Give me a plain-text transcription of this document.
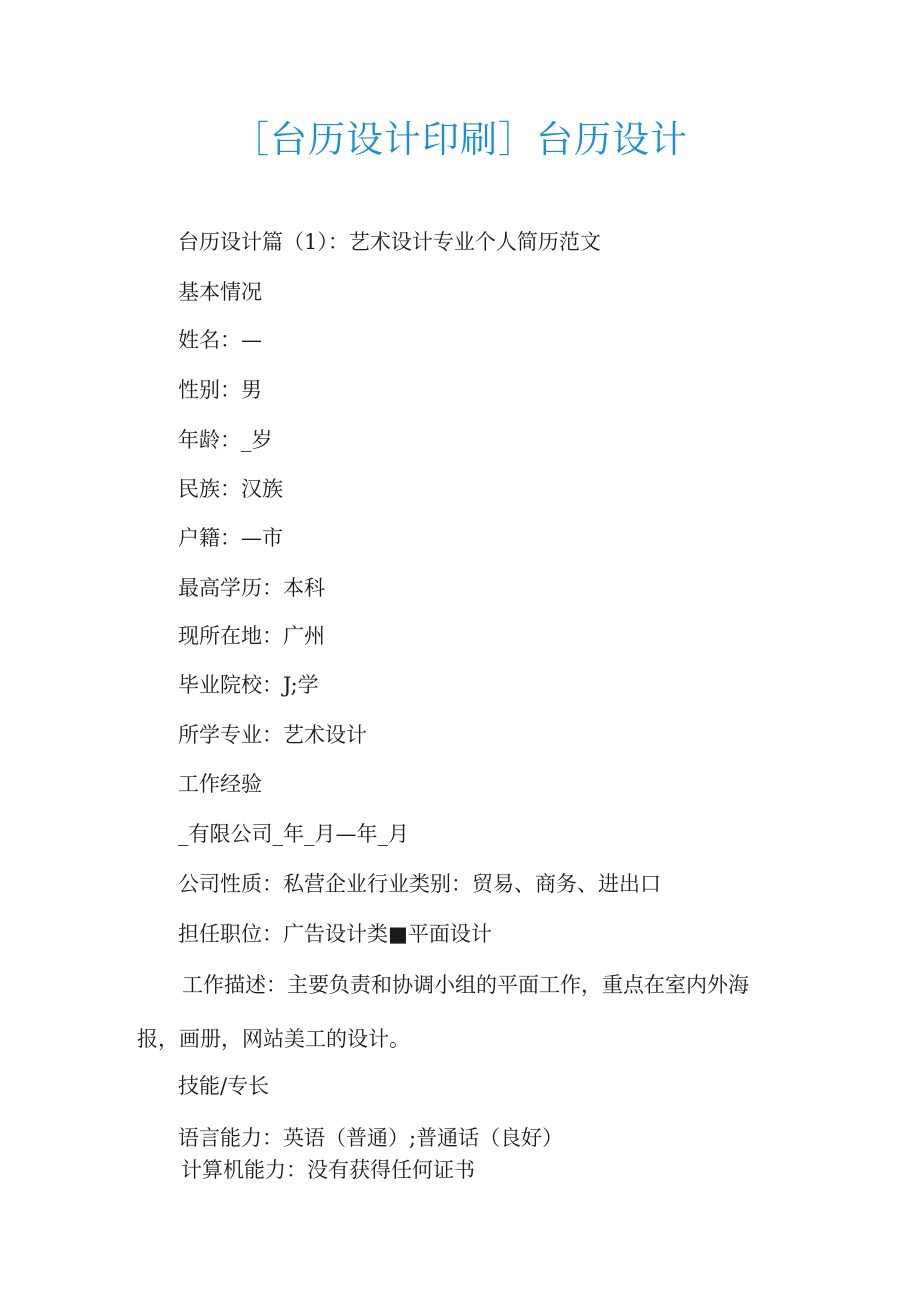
［台历设计印刷］台历设计

台历设计篇（1）：艺术设计专业个人简历范文

基本情况

姓名：—

性别：男

年龄：_岁

民族：汉族

户籍：—市

最高学历：本科

现所在地：广州

毕业院校：J;学

所学专业：艺术设计

工作经验

_有限公司_年_月—年_月

公司性质：私营企业行业类别：贸易、商务、进出口

担任职位：广告设计类■平面设计

工作描述：主要负责和协调小组的平面工作，重点在室内外海报，画册，网站美工的设计。

技能/专长

语言能力：英语（普通）;普通话（良好）

计算机能力：没有获得任何证书
